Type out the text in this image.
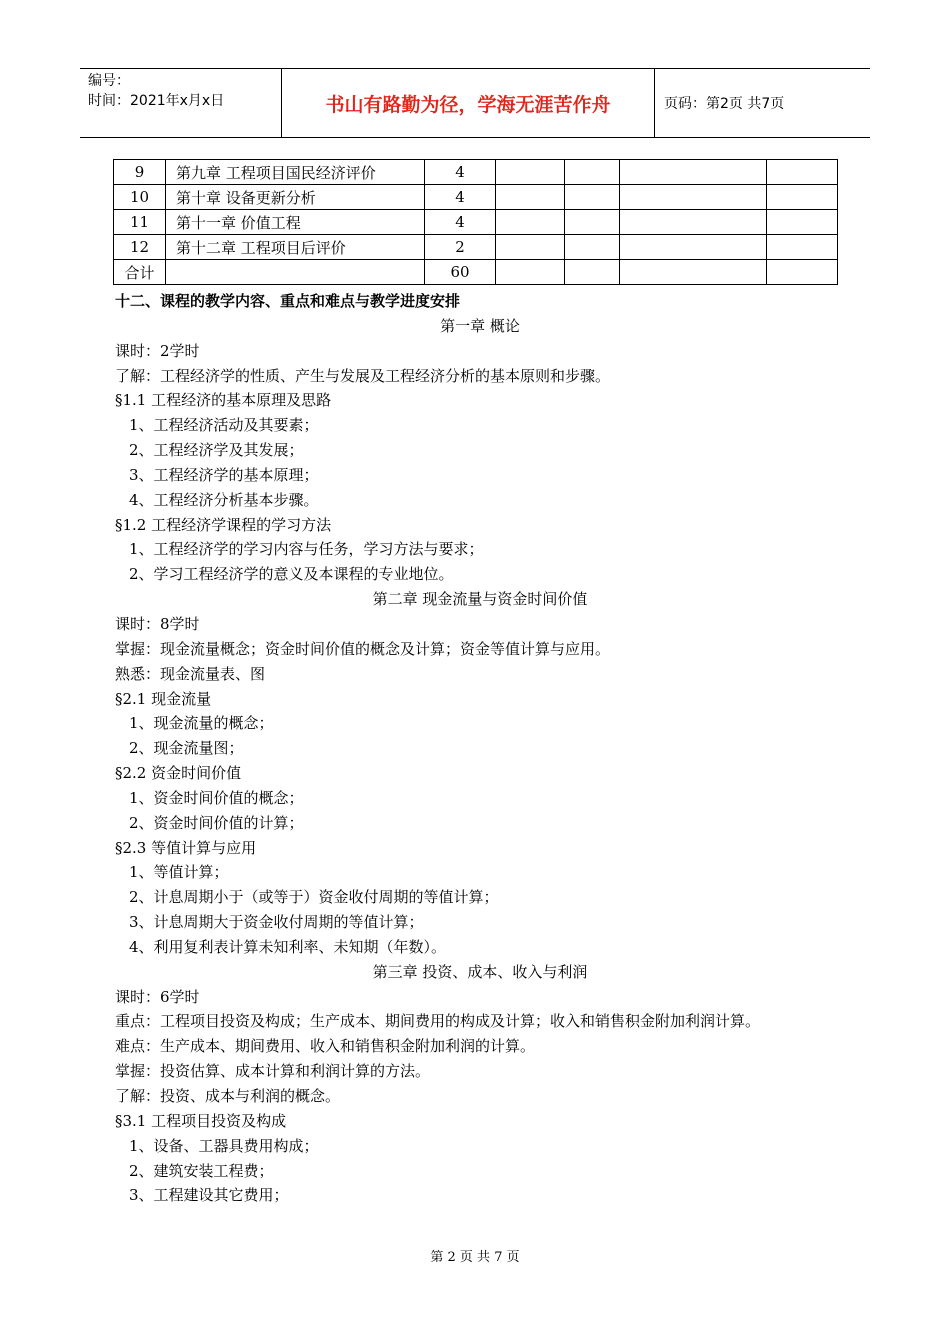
编号：
时间：2021年x月x日	书山有路勤为径，学海无涯苦作舟	页码：第2页 共7页
9	第九章 工程项目国民经济评价	4				
10	第十章 设备更新分析	4				
11	第十一章 价值工程	4				
12	第十二章 工程项目后评价	2				
合计		60				
十二、课程的教学内容、重点和难点与教学进度安排
第一章 概论
课时：2学时
了解：工程经济学的性质、产生与发展及工程经济分析的基本原则和步骤。
§1.1 工程经济的基本原理及思路
1、工程经济活动及其要素；
2、工程经济学及其发展；
3、工程经济学的基本原理；
4、工程经济分析基本步骤。
§1.2 工程经济学课程的学习方法
1、工程经济学的学习内容与任务，学习方法与要求；
2、学习工程经济学的意义及本课程的专业地位。
第二章 现金流量与资金时间价值
课时：8学时
掌握：现金流量概念；资金时间价值的概念及计算；资金等值计算与应用。
熟悉：现金流量表、图
§2.1 现金流量
1、现金流量的概念；
2、现金流量图；
§2.2 资金时间价值
1、资金时间价值的概念；
2、资金时间价值的计算；
§2.3 等值计算与应用
1、等值计算；
2、计息周期小于（或等于）资金收付周期的等值计算；
3、计息周期大于资金收付周期的等值计算；
4、利用复利表计算未知利率、未知期（年数）。
第三章 投资、成本、收入与利润
课时：6学时
重点：工程项目投资及构成；生产成本、期间费用的构成及计算；收入和销售积金附加利润计算。
难点：生产成本、期间费用、收入和销售积金附加利润的计算。
掌握：投资估算、成本计算和利润计算的方法。
了解：投资、成本与利润的概念。
§3.1 工程项目投资及构成
1、设备、工器具费用构成；
2、建筑安装工程费；
3、工程建设其它费用；
第 2 页 共 7 页
